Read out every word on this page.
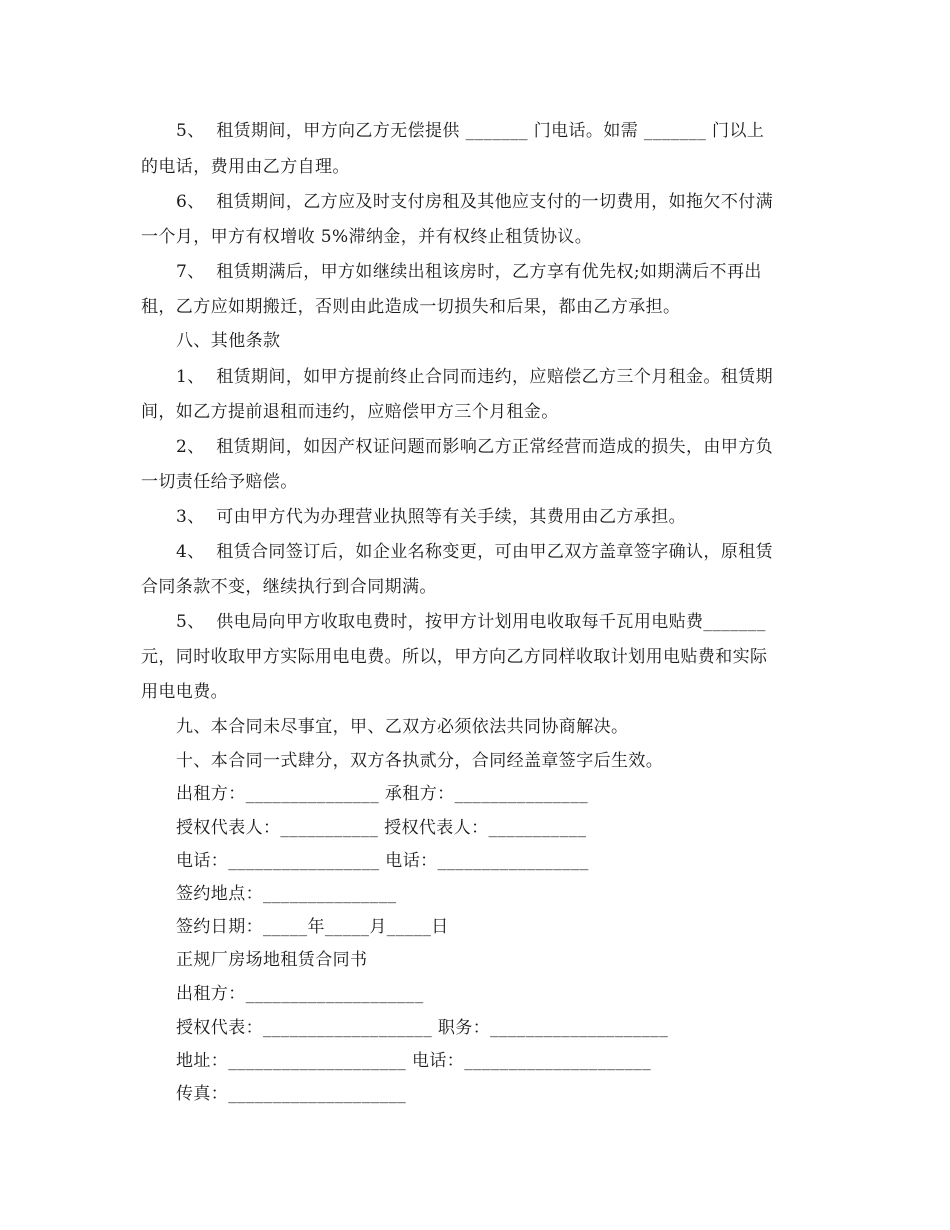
5、  租赁期间，甲方向乙方无偿提供 _______ 门电话。如需 _______ 门以上
的电话，费用由乙方自理。
6、  租赁期间，乙方应及时支付房租及其他应支付的一切费用，如拖欠不付满
一个月，甲方有权增收 5%滞纳金，并有权终止租赁协议。
7、  租赁期满后，甲方如继续出租该房时，乙方享有优先权;如期满后不再出
租，乙方应如期搬迁，否则由此造成一切损失和后果，都由乙方承担。
八、其他条款
1、  租赁期间，如甲方提前终止合同而违约，应赔偿乙方三个月租金。租赁期
间，如乙方提前退租而违约，应赔偿甲方三个月租金。
2、  租赁期间，如因产权证问题而影响乙方正常经营而造成的损失，由甲方负
一切责任给予赔偿。
3、  可由甲方代为办理营业执照等有关手续，其费用由乙方承担。
4、  租赁合同签订后，如企业名称变更，可由甲乙双方盖章签字确认，原租赁
合同条款不变，继续执行到合同期满。
5、  供电局向甲方收取电费时，按甲方计划用电收取每千瓦用电贴费_______
元，同时收取甲方实际用电电费。所以，甲方向乙方同样收取计划用电贴费和实际
用电电费。
九、本合同未尽事宜，甲、乙双方必须依法共同协商解决。
十、本合同一式肆分，双方各执贰分，合同经盖章签字后生效。
出租方：_______________ 承租方：_______________
授权代表人：___________ 授权代表人：___________
电话：_________________ 电话：_________________
签约地点：_______________
签约日期：_____年_____月_____日
正规厂房场地租赁合同书
出租方：____________________
授权代表：___________________ 职务：____________________
地址：____________________ 电话：_____________________
传真：____________________
